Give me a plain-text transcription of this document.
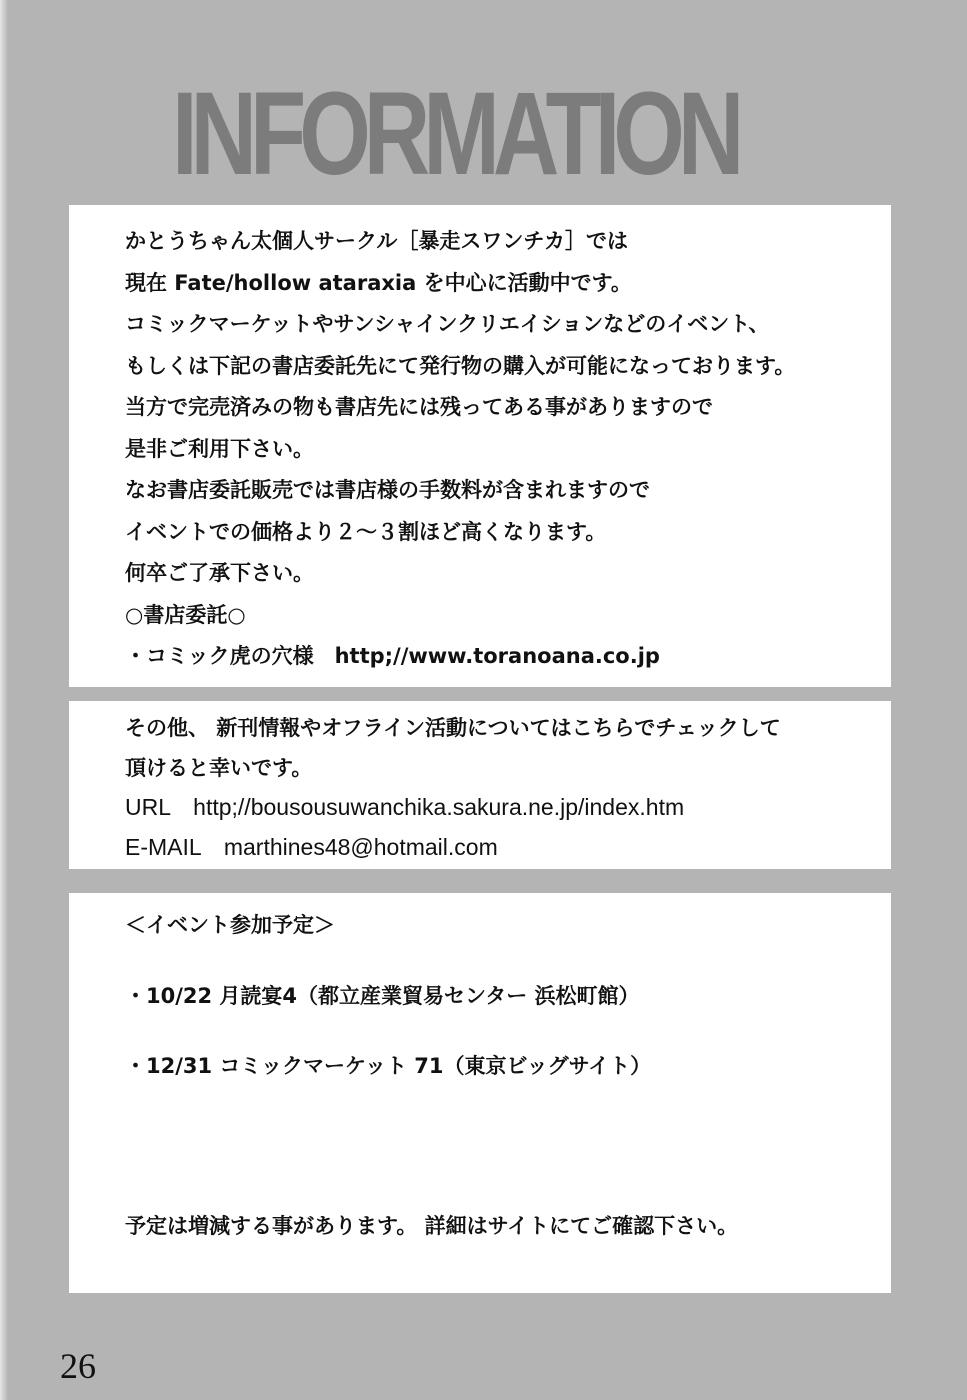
INFORMATION
かとうちゃん太個人サークル［暴走スワンチカ］では
現在 Fate/hollow ataraxia を中心に活動中です。
コミックマーケットやサンシャインクリエイションなどのイベント、
もしくは下記の書店委託先にて発行物の購入が可能になっております。
当方で完売済みの物も書店先には残ってある事がありますので
是非ご利用下さい。
なお書店委託販売では書店様の手数料が含まれますので
イベントでの価格より２～３割ほど高くなります。
何卒ご了承下さい。
○書店委託○
・コミック虎の穴様　http;//www.toranoana.co.jp
その他、 新刊情報やオフライン活動についてはこちらでチェックして
頂けると幸いです。
URL　http;//bousousuwanchika.sakura.ne.jp/index.htm
E-MAIL　marthines48@hotmail.com
＜イベント参加予定＞
・10/22 月読宴4（都立産業貿易センター 浜松町館）
・12/31 コミックマーケット 71（東京ビッグサイト）
予定は増減する事があります。 詳細はサイトにてご確認下さい。
26
